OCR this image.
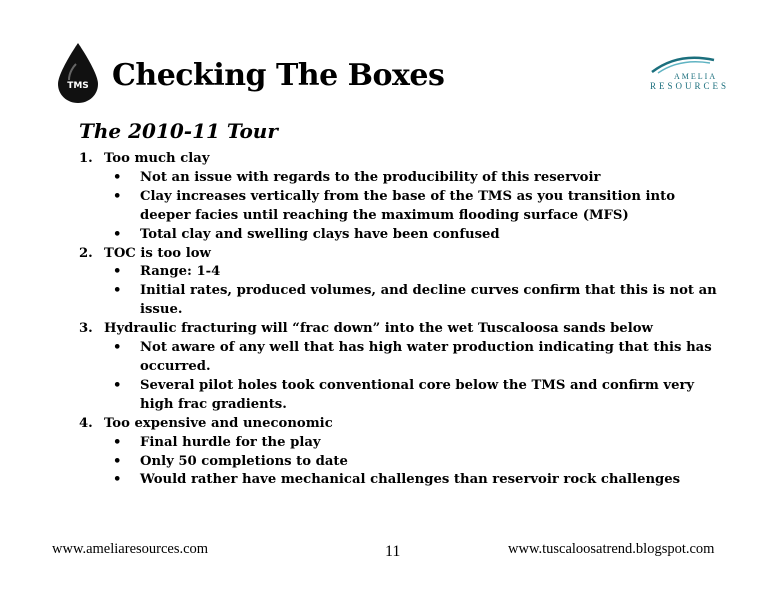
TMS Checking The Boxes	AMELIA
RESOURCES
The 2010-11 Tour
1. Too much clay
• Not an issue with regards to the producibility of this reservoir
• Clay increases vertically from the base of the TMS as you transition into deeper facies until reaching the maximum flooding surface (MFS)
• Total clay and swelling clays have been confused
2. TOC is too low
• Range: 1-4
• Initial rates, produced volumes, and decline curves confirm that this is not an issue.
3. Hydraulic fracturing will “frac down” into the wet Tuscaloosa sands below
• Not aware of any well that has high water production indicating that this has occurred.
• Several pilot holes took conventional core below the TMS and confirm very high frac gradients.
4. Too expensive and uneconomic
• Final hurdle for the play
• Only 50 completions to date
• Would rather have mechanical challenges than reservoir rock challenges
www.ameliaresources.com	11	www.tuscaloosatrend.blogspot.com
